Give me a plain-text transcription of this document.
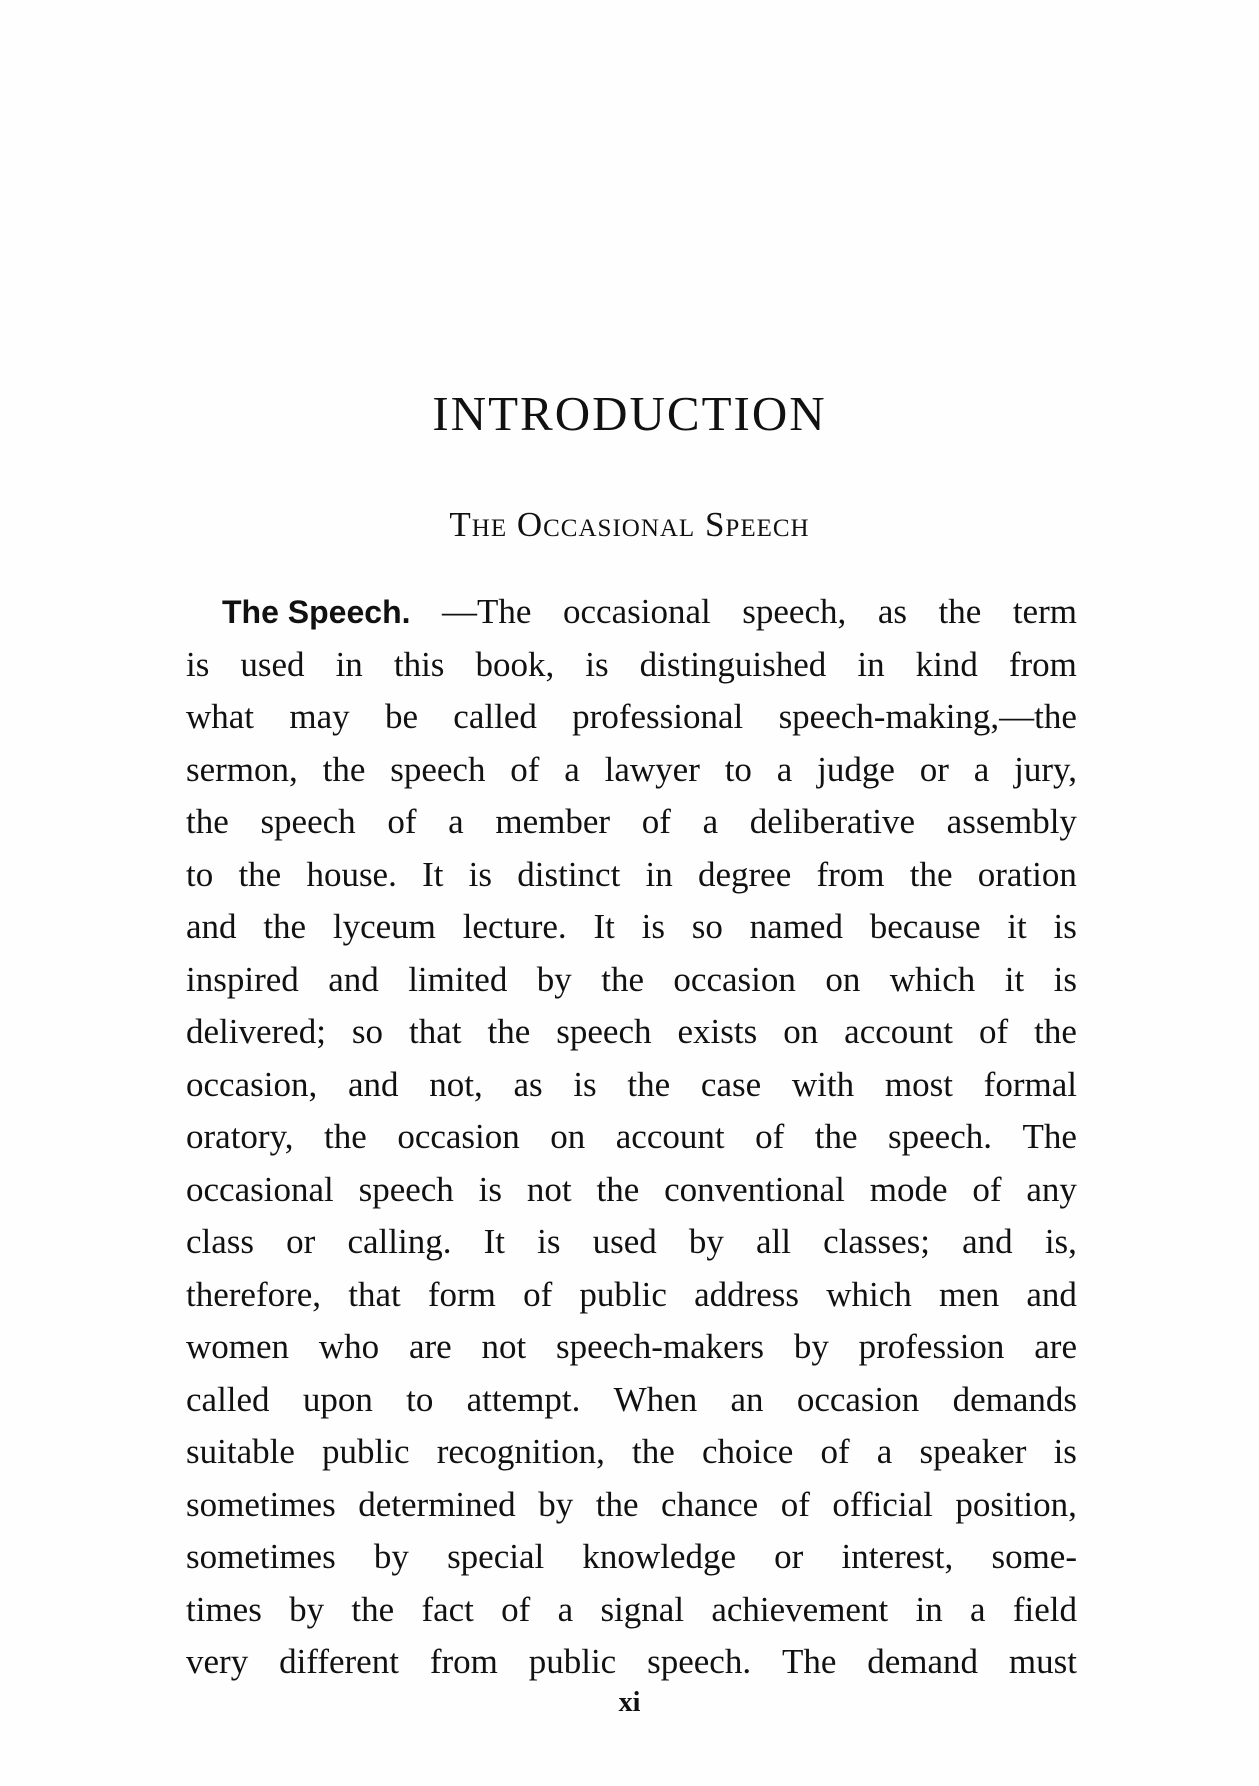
INTRODUCTION
The Occasional Speech
The Speech. —The occasional speech, as the term
is used in this book, is distinguished in kind from
what may be called professional speech-making,—the
sermon, the speech of a lawyer to a judge or a jury,
the speech of a member of a deliberative assembly
to the house. It is distinct in degree from the oration
and the lyceum lecture. It is so named because it is
inspired and limited by the occasion on which it is
delivered; so that the speech exists on account of the
occasion, and not, as is the case with most formal
oratory, the occasion on account of the speech. The
occasional speech is not the conventional mode of any
class or calling. It is used by all classes; and is,
therefore, that form of public address which men and
women who are not speech-makers by profession are
called upon to attempt. When an occasion demands
suitable public recognition, the choice of a speaker is
sometimes determined by the chance of official position,
sometimes by special knowledge or interest, some-
times by the fact of a signal achievement in a field
very different from public speech. The demand must
xi
